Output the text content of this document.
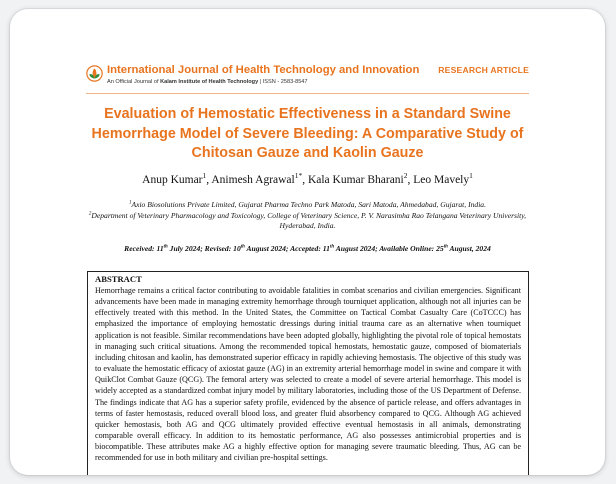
International Journal of Health Technology and Innovation
An Official Journal of Kalam Institute of Health Technology | ISSN - 2583-8547
RESEARCH ARTICLE
Evaluation of Hemostatic Effectiveness in a Standard Swine Hemorrhage Model of Severe Bleeding: A Comparative Study of Chitosan Gauze and Kaolin Gauze
Anup Kumar$^1$, Animesh Agrawal$^{1*}$, Kala Kumar Bharani$^2$, Leo Mavely$^1$
$^1$Axio Biosolutions Private Limited, Gujarat Pharma Techno Park Matoda, Sari Matoda, Ahmedabad, Gujarat, India.
$^2$Department of Veterinary Pharmacology and Toxicology, College of Veterinary Science, P. V. Narasimha Rao Telangana Veterinary University, Hyderabad, India.
Received: 11th July 2024; Revised: 10th August 2024; Accepted: 11th August 2024; Available Online: 25th August, 2024
ABSTRACT

Hemorrhage remains a critical factor contributing to avoidable fatalities in combat scenarios and civilian emergencies. Significant advancements have been made in managing extremity hemorrhage through tourniquet application, although not all injuries can be effectively treated with this method. In the United States, the Committee on Tactical Combat Casualty Care (CoTCCC) has emphasized the importance of employing hemostatic dressings during initial trauma care as an alternative when tourniquet application is not feasible. Similar recommendations have been adopted globally, highlighting the pivotal role of topical hemostats in managing such critical situations. Among the recommended topical hemostats, hemostatic gauze, composed of biomaterials including chitosan and kaolin, has demonstrated superior efficacy in rapidly achieving hemostasis. The objective of this study was to evaluate the hemostatic efficacy of axiostat gauze (AG) in an extremity arterial hemorrhage model in swine and compare it with QuikClot Combat Gauze (QCG). The femoral artery was selected to create a model of severe arterial hemorrhage. This model is widely accepted as a standardized combat injury model by military laboratories, including those of the US Department of Defense. The findings indicate that AG has a superior safety profile, evidenced by the absence of particle release, and offers advantages in terms of faster hemostasis, reduced overall blood loss, and greater fluid absorbency compared to QCG. Although AG achieved quicker hemostasis, both AG and QCG ultimately provided effective eventual hemostasis in all animals, demonstrating comparable overall efficacy. In addition to its hemostatic performance, AG also possesses antimicrobial properties and is biocompatible. These attributes make AG a highly effective option for managing severe traumatic bleeding. Thus, AG can be recommended for use in both military and civilian pre-hospital settings.
